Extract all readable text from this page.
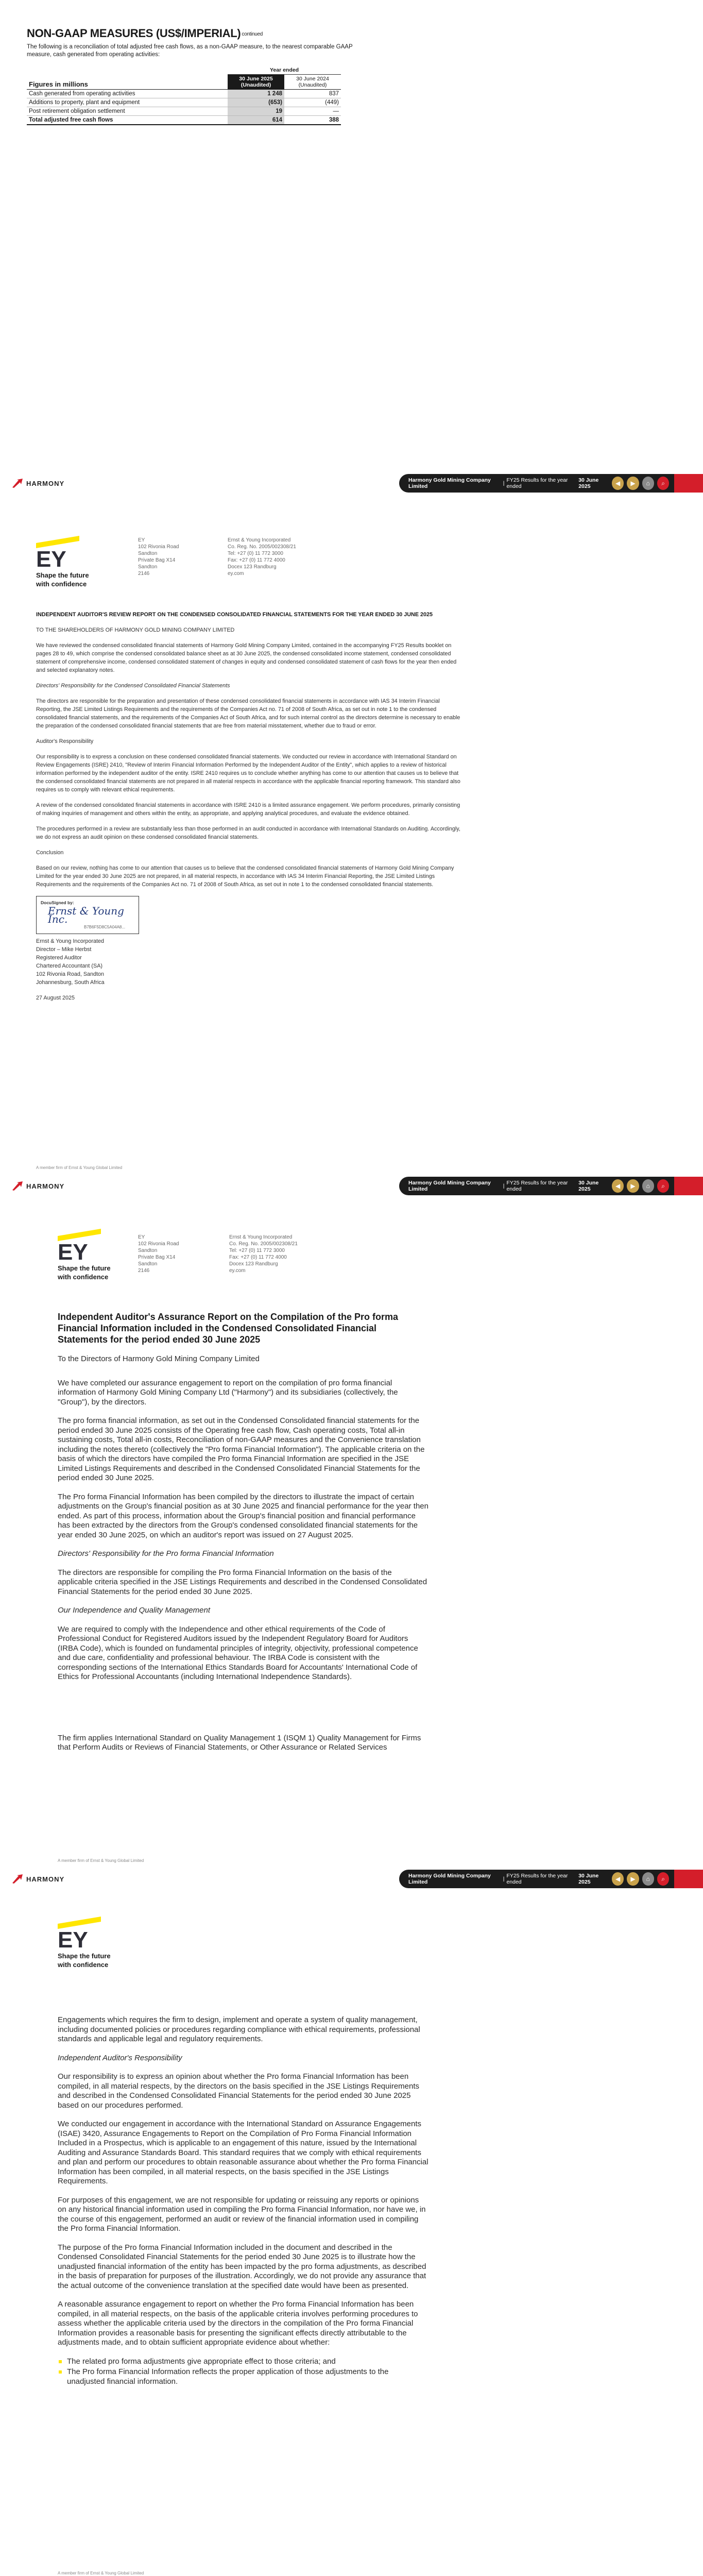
NON-GAAP MEASURES (US$/IMPERIAL) continued
The following is a reconciliation of total adjusted free cash flows, as a non-GAAP measure, to the nearest comparable GAAP measure, cash generated from operating activities:
	Year ended	
Figures in millions	30 June 2025 (Unaudited)	30 June 2024 (Unaudited)
Cash generated from operating activities	1 248	837
Additions to property, plant and equipment	(653)	(449)
Post retirement obligation settlement	19	—
Total adjusted free cash flows	614	388
HARMONY	Harmony Gold Mining Company Limited	| FY25 Results for the year ended
30 June 2025	◀	▶	⌂	⌕
EY
Shape the future
with confidence
EY
102 Rivonia Road
Sandton
Private Bag X14
Sandton
2146
Ernst & Young Incorporated
Co. Reg. No. 2005/002308/21
Tel: +27 (0) 11 772 3000
Fax: +27 (0) 11 772 4000
Docex 123 Randburg
ey.com

INDEPENDENT AUDITOR'S REVIEW REPORT ON THE CONDENSED CONSOLIDATED FINANCIAL STATEMENTS FOR THE YEAR ENDED 30 JUNE 2025

TO THE SHAREHOLDERS OF HARMONY GOLD MINING COMPANY LIMITED

We have reviewed the condensed consolidated financial statements of Harmony Gold Mining Company Limited, contained in the accompanying FY25 Results booklet on pages 28 to 49, which comprise the condensed consolidated balance sheet as at 30 June 2025, the condensed consolidated income statement, condensed consolidated statement of comprehensive income, condensed consolidated statement of changes in equity and condensed consolidated statement of cash flows for the year then ended and selected explanatory notes.

Directors' Responsibility for the Condensed Consolidated Financial Statements

The directors are responsible for the preparation and presentation of these condensed consolidated financial statements in accordance with IAS 34 Interim Financial Reporting, the JSE Limited Listings Requirements and the requirements of the Companies Act no. 71 of 2008 of South Africa, as set out in note 1 to the condensed consolidated financial statements, and the requirements of the Companies Act of South Africa, and for such internal control as the directors determine is necessary to enable the preparation of the condensed consolidated financial statements that are free from material misstatement, whether due to fraud or error.

Auditor's Responsibility

Our responsibility is to express a conclusion on these condensed consolidated financial statements. We conducted our review in accordance with International Standard on Review Engagements (ISRE) 2410, "Review of Interim Financial Information Performed by the Independent Auditor of the Entity", which applies to a review of historical information performed by the independent auditor of the entity. ISRE 2410 requires us to conclude whether anything has come to our attention that causes us to believe that the condensed consolidated financial statements are not prepared in all material respects in accordance with the applicable financial reporting framework. This standard also requires us to comply with relevant ethical requirements.

A review of the condensed consolidated financial statements in accordance with ISRE 2410 is a limited assurance engagement. We perform procedures, primarily consisting of making inquiries of management and others within the entity, as appropriate, and applying analytical procedures, and evaluate the evidence obtained.

The procedures performed in a review are substantially less than those performed in an audit conducted in accordance with International Standards on Auditing. Accordingly, we do not express an audit opinion on these condensed consolidated financial statements.

Conclusion

Based on our review, nothing has come to our attention that causes us to believe that the condensed consolidated financial statements of Harmony Gold Mining Company Limited for the year ended 30 June 2025 are not prepared, in all material respects, in accordance with IAS 34 Interim Financial Reporting, the JSE Limited Listings Requirements and the requirements of the Companies Act no. 71 of 2008 of South Africa, as set out in note 1 to the condensed consolidated financial statements.

DocuSigned by:
Ernst & Young Inc.
B7B6F5D8C5A04A8...
Ernst & Young Incorporated
Director – Mike Herbst
Registered Auditor
Chartered Accountant (SA)
102 Rivonia Road, Sandton
Johannesburg, South Africa

27 August 2025

A member firm of Ernst & Young Global Limited
HARMONY	Harmony Gold Mining Company Limited	| FY25 Results for the year ended
30 June 2025	◀	▶	⌂	⌕
EY
Shape the future
with confidence
EY
102 Rivonia Road
Sandton
Private Bag X14
Sandton
2146
Ernst & Young Incorporated
Co. Reg. No. 2005/002308/21
Tel: +27 (0) 11 772 3000
Fax: +27 (0) 11 772 4000
Docex 123 Randburg
ey.com

Independent Auditor's Assurance Report on the Compilation of the Pro forma Financial Information included in the Condensed Consolidated Financial Statements for the period ended 30 June 2025

To the Directors of Harmony Gold Mining Company Limited

We have completed our assurance engagement to report on the compilation of pro forma financial information of Harmony Gold Mining Company Ltd ("Harmony") and its subsidiaries (collectively, the "Group"), by the directors.

The pro forma financial information, as set out in the Condensed Consolidated financial statements for the period ended 30 June 2025 consists of the Operating free cash flow, Cash operating costs, Total all-in sustaining costs, Total all-in costs, Reconciliation of non-GAAP measures and the Convenience translation including the notes thereto (collectively the "Pro forma Financial Information"). The applicable criteria on the basis of which the directors have compiled the Pro forma Financial Information are specified in the JSE Limited Listings Requirements and described in the Condensed Consolidated Financial Statements for the period ended 30 June 2025.

The Pro forma Financial Information has been compiled by the directors to illustrate the impact of certain adjustments on the Group's financial position as at 30 June 2025 and financial performance for the year then ended. As part of this process, information about the Group's financial position and financial performance has been extracted by the directors from the Group's condensed consolidated financial statements for the year ended 30 June 2025, on which an auditor's report was issued on 27 August 2025.

Directors' Responsibility for the Pro forma Financial Information

The directors are responsible for compiling the Pro forma Financial Information on the basis of the applicable criteria specified in the JSE Listings Requirements and described in the Condensed Consolidated Financial Statements for the period ended 30 June 2025.

Our Independence and Quality Management

We are required to comply with the Independence and other ethical requirements of the Code of Professional Conduct for Registered Auditors issued by the Independent Regulatory Board for Auditors (IRBA Code), which is founded on fundamental principles of integrity, objectivity, professional competence and due care, confidentiality and professional behaviour. The IRBA Code is consistent with the corresponding sections of the International Ethics Standards Board for Accountants' International Code of Ethics for Professional Accountants (including International Independence Standards).

The firm applies International Standard on Quality Management 1 (ISQM 1) Quality Management for Firms that Perform Audits or Reviews of Financial Statements, or Other Assurance or Related Services

A member firm of Ernst & Young Global Limited
HARMONY	Harmony Gold Mining Company Limited	| FY25 Results for the year ended
30 June 2025	◀	▶	⌂	⌕
EY
Shape the future
with confidence

Engagements which requires the firm to design, implement and operate a system of quality management, including documented policies or procedures regarding compliance with ethical requirements, professional standards and applicable legal and regulatory requirements.

Independent Auditor's Responsibility

Our responsibility is to express an opinion about whether the Pro forma Financial Information has been compiled, in all material respects, by the directors on the basis specified in the JSE Listings Requirements and described in the Condensed Consolidated Financial Statements for the period ended 30 June 2025 based on our procedures performed.

We conducted our engagement in accordance with the International Standard on Assurance Engagements (ISAE) 3420, Assurance Engagements to Report on the Compilation of Pro Forma Financial Information Included in a Prospectus, which is applicable to an engagement of this nature, issued by the International Auditing and Assurance Standards Board. This standard requires that we comply with ethical requirements and plan and perform our procedures to obtain reasonable assurance about whether the Pro forma Financial Information has been compiled, in all material respects, on the basis specified in the JSE Listings Requirements.

For purposes of this engagement, we are not responsible for updating or reissuing any reports or opinions on any historical financial information used in compiling the Pro forma Financial Information, nor have we, in the course of this engagement, performed an audit or review of the financial information used in compiling the Pro forma Financial Information.

The purpose of the Pro forma Financial Information included in the document and described in the Condensed Consolidated Financial Statements for the period ended 30 June 2025 is to illustrate how the unadjusted financial information of the entity has been impacted by the pro forma adjustments, as described in the basis of preparation for purposes of the illustration. Accordingly, we do not provide any assurance that the actual outcome of the convenience translation at the specified date would have been as presented.

A reasonable assurance engagement to report on whether the Pro forma Financial Information has been compiled, in all material respects, on the basis of the applicable criteria involves performing procedures to assess whether the applicable criteria used by the directors in the compilation of the Pro forma Financial Information provides a reasonable basis for presenting the significant effects directly attributable to the adjustments made, and to obtain sufficient appropriate evidence about whether:

The related pro forma adjustments give appropriate effect to those criteria; and
The Pro forma Financial Information reflects the proper application of those adjustments to the unadjusted financial information.
A member firm of Ernst & Young Global Limited
